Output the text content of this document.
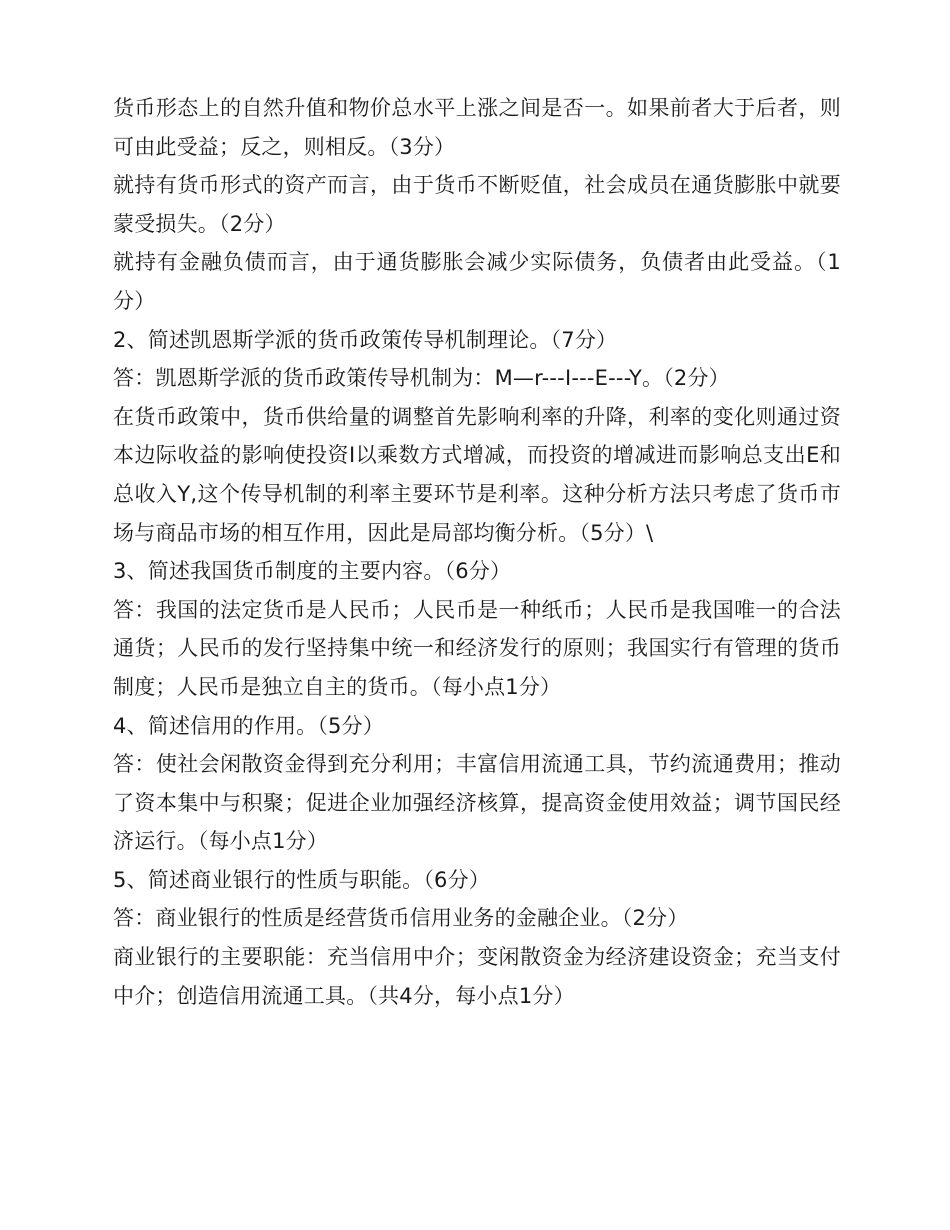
货币形态上的自然升值和物价总水平上涨之间是否一。如果前者大于后者，则可由此受益；反之，则相反。（3分）

就持有货币形式的资产而言，由于货币不断贬值，社会成员在通货膨胀中就要蒙受损失。（2分）

就持有金融负债而言，由于通货膨胀会减少实际债务，负债者由此受益。（1分）

2、简述凯恩斯学派的货币政策传导机制理论。（7分）

答：凯恩斯学派的货币政策传导机制为：M—r---I---E---Y。（2分）

在货币政策中，货币供给量的调整首先影响利率的升降，利率的变化则通过资本边际收益的影响使投资I以乘数方式增减，而投资的增减进而影响总支出E和总收入Y,这个传导机制的利率主要环节是利率。这种分析方法只考虑了货币市场与商品市场的相互作用，因此是局部均衡分析。（5分）\

3、简述我国货币制度的主要内容。（6分）

答：我国的法定货币是人民币；人民币是一种纸币；人民币是我国唯一的合法通货；人民币的发行坚持集中统一和经济发行的原则；我国实行有管理的货币制度；人民币是独立自主的货币。（每小点1分）

4、简述信用的作用。（5分）

答：使社会闲散资金得到充分利用；丰富信用流通工具，节约流通费用；推动了资本集中与积聚；促进企业加强经济核算，提高资金使用效益；调节国民经济运行。（每小点1分）

5、简述商业银行的性质与职能。（6分）

答：商业银行的性质是经营货币信用业务的金融企业。（2分）

商业银行的主要职能：充当信用中介；变闲散资金为经济建设资金；充当支付中介；创造信用流通工具。（共4分，每小点1分）
